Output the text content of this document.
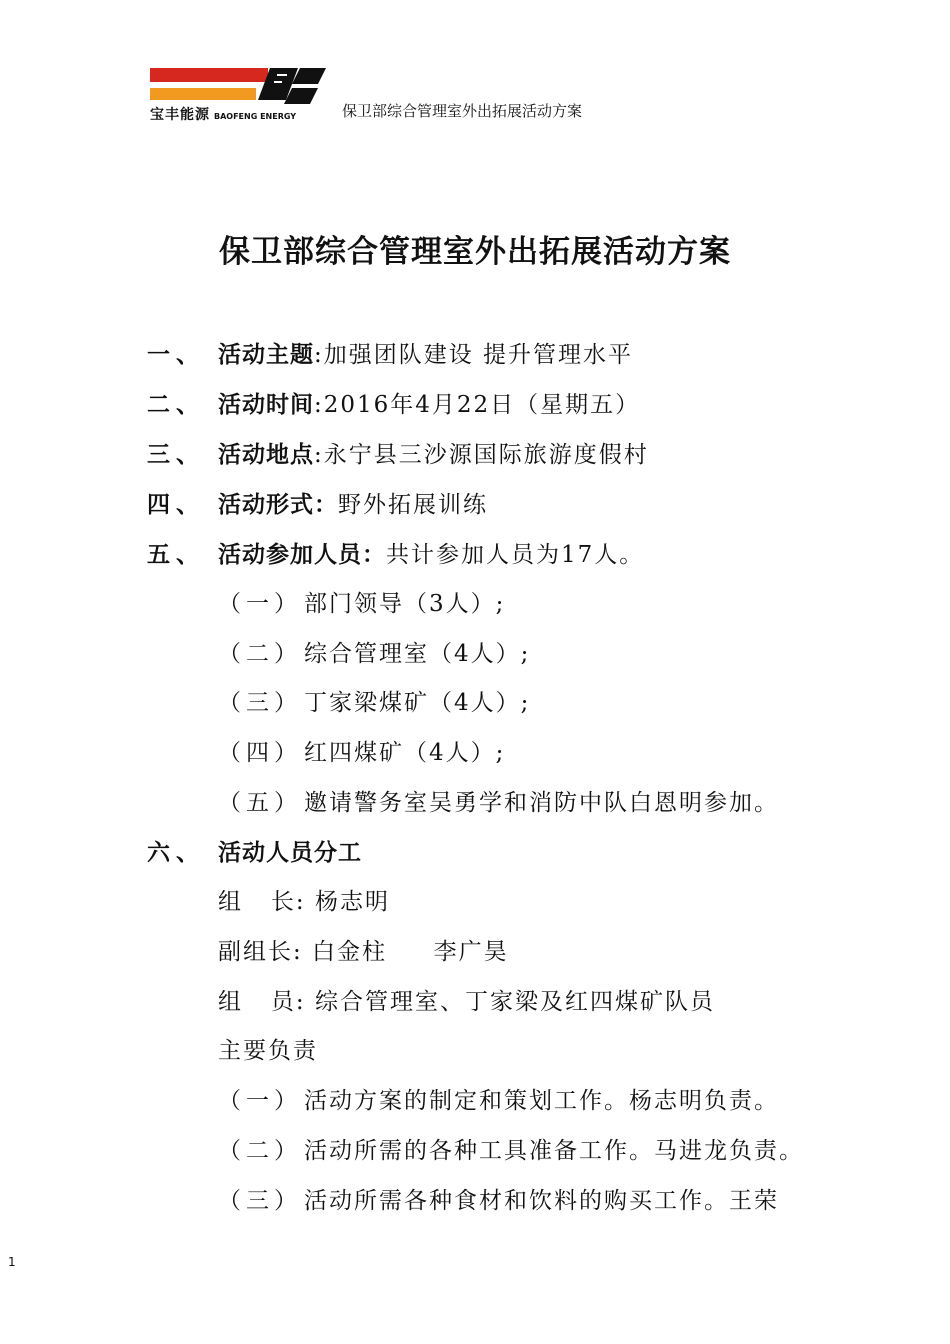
宝丰能源 BAOFENG ENERGY	保卫部综合管理室外出拓展活动方案
保卫部综合管理室外出拓展活动方案
一、 活动主题:加强团队建设 提升管理水平
二、 活动时间:2016年4月22日（星期五）
三、 活动地点:永宁县三沙源国际旅游度假村
四、 活动形式：野外拓展训练
五、 活动参加人员：共计参加人员为17人。
（一）部门领导（3人）;
（二）综合管理室（4人）;
（三）丁家梁煤矿（4人）;
（四）红四煤矿（4人）;
（五）邀请警务室吴勇学和消防中队白恩明参加。
六、 活动人员分工
组   长: 杨志明
副组长: 白金柱     李广昊
组   员: 综合管理室、丁家梁及红四煤矿队员
主要负责
（一）活动方案的制定和策划工作。杨志明负责。
（二）活动所需的各种工具准备工作。马进龙负责。
（三）活动所需各种食材和饮料的购买工作。王荣
1
